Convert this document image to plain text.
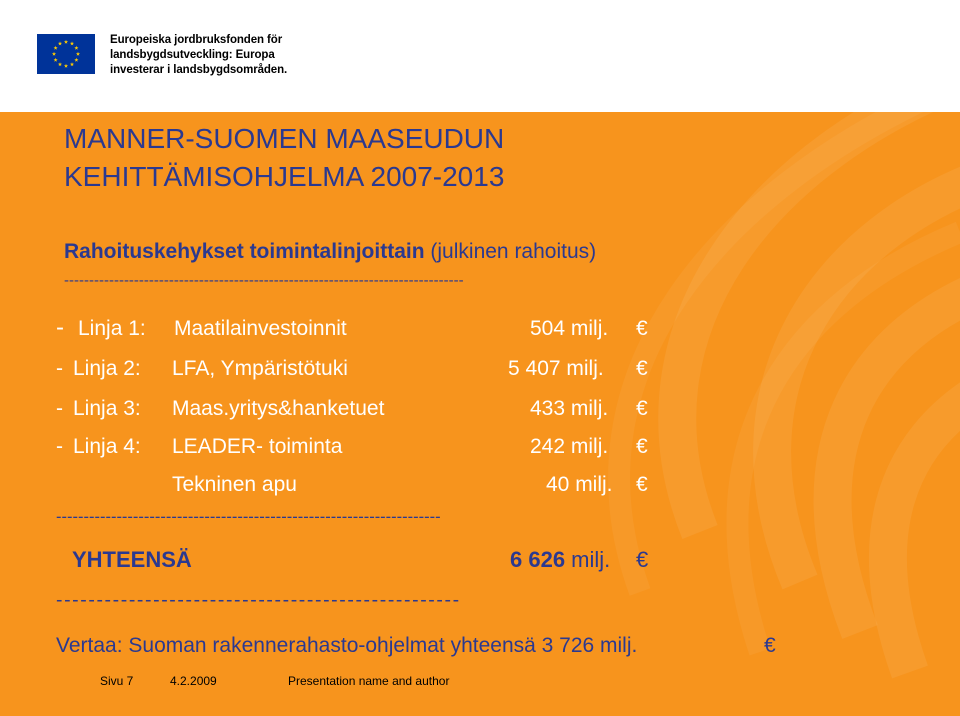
Europeiska jordbruksfonden för
landsbygdsutveckling: Europa
investerar i landsbygdsområden.
MANNER-SUOMEN MAASEUDUN
KEHITTÄMISOHJELMA 2007-2013
Rahoituskehykset toimintalinjoittain (julkinen rahoitus)
--------------------------------------------------------------------------------
- Linja 1: Maatilainvestoinnit	504 milj. €
- Linja 2: LFA, Ympäristötuki	5 407 milj. €
- Linja 3: Maas.yritys&hanketuet	433 milj. €
- Linja 4: LEADER- toiminta	242 milj. €
Tekninen apu	40 milj. €
----------------------------------------------------------------------
YHTEENSÄ	6 626 milj. €
--------------------------------------------------
Vertaa: Suoman rakennerahasto-ohjelmat yhteensä 3 726 milj.	€
Sivu 7	4.2.2009	Presentation name and author
